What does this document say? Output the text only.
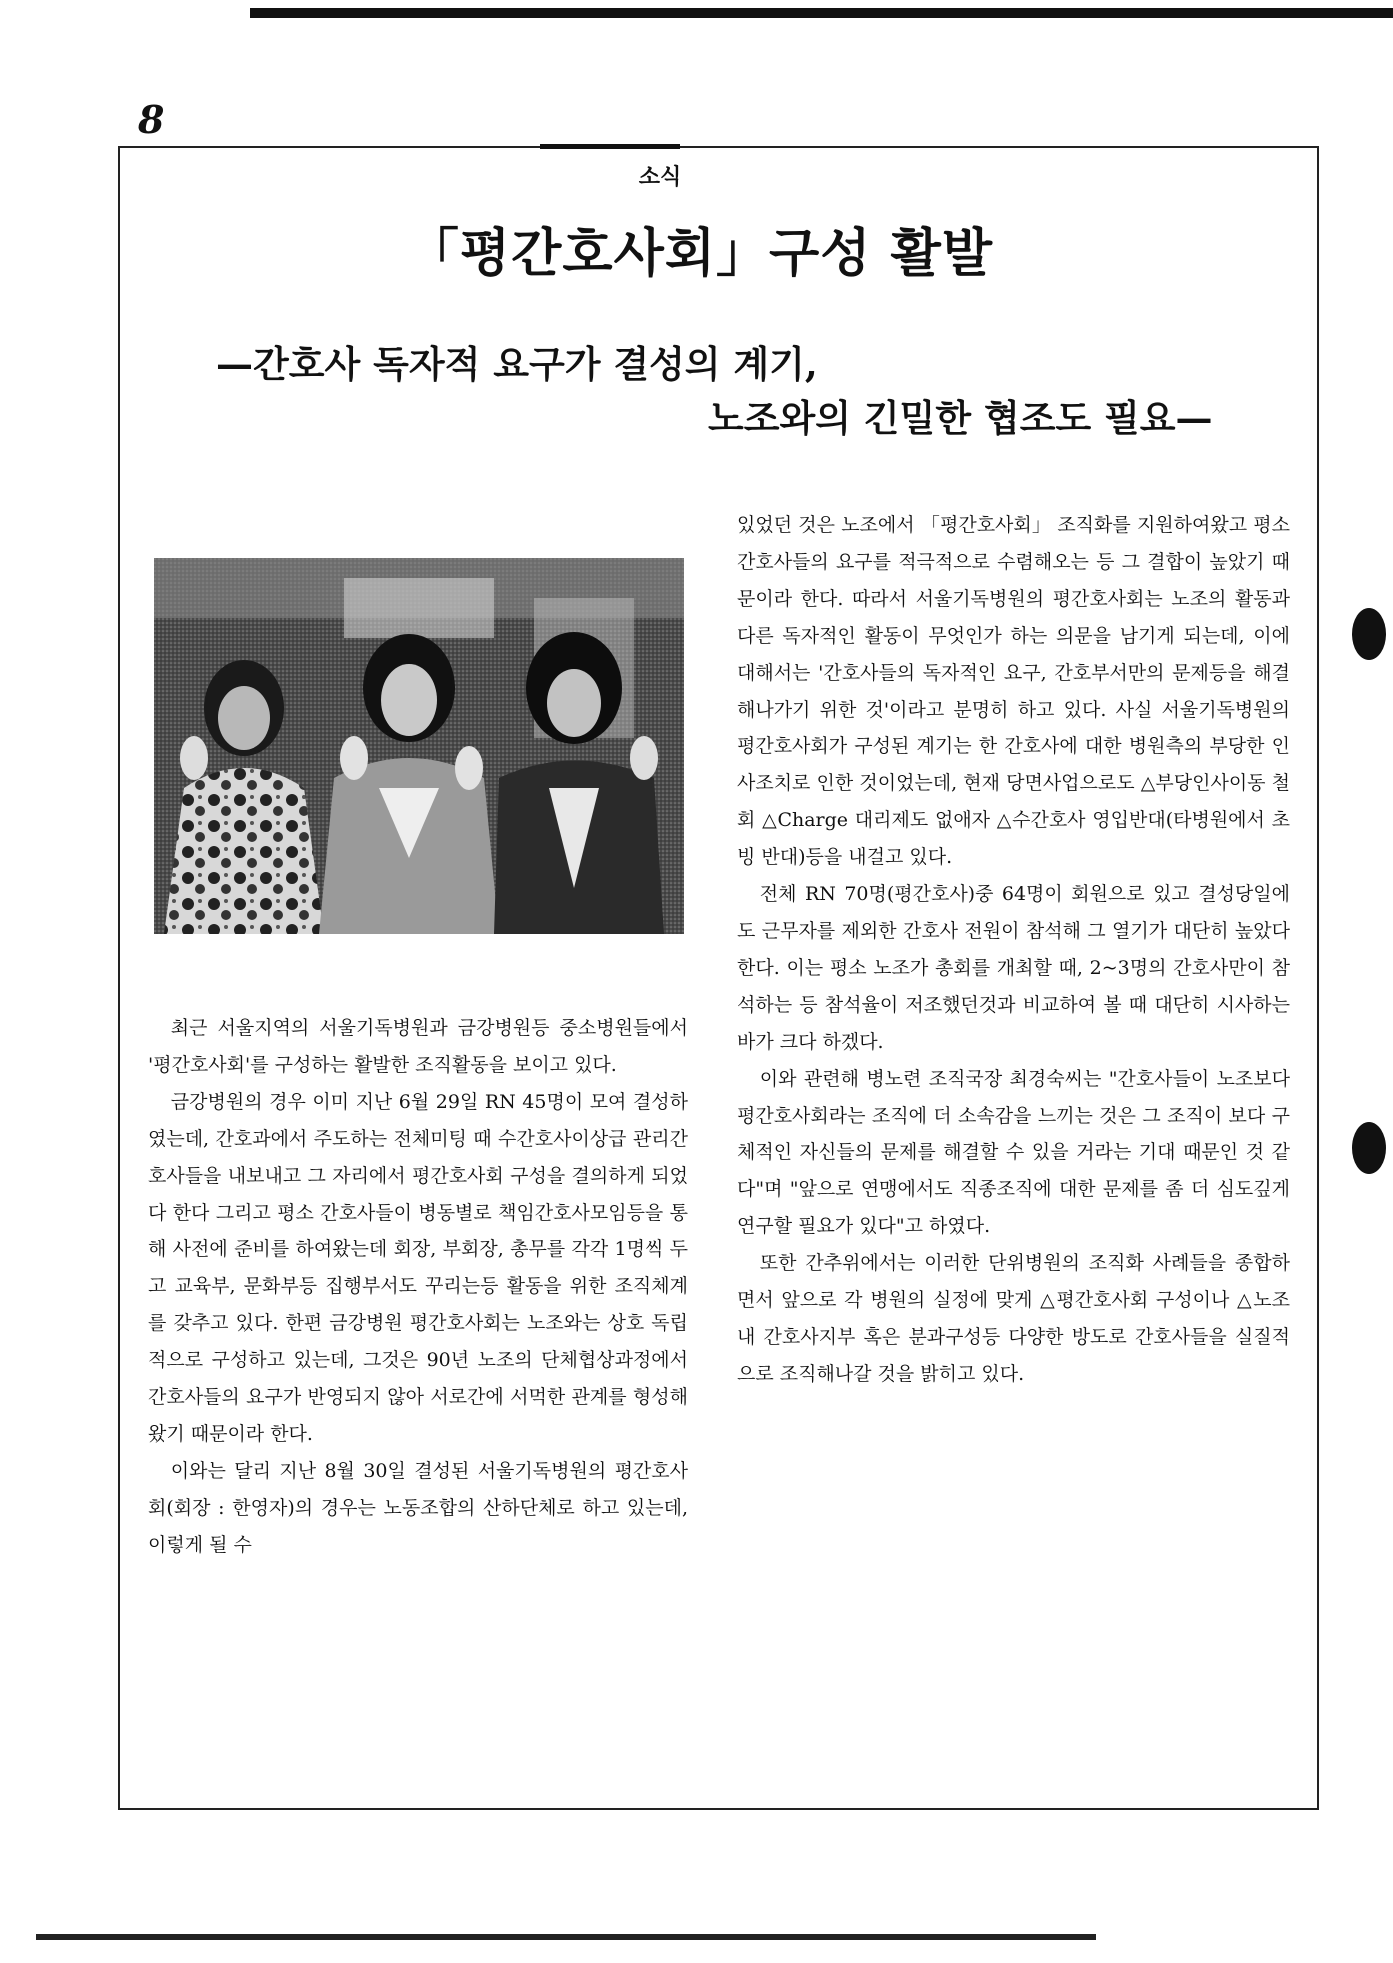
8
소식
「평간호사회」구성 활발
—간호사 독자적 요구가 결성의 계기,
노조와의 긴밀한 협조도 필요—

최근 서울지역의 서울기독병원과 금강병원등 중소병원들에서 '평간호사회'를 구성하는 활발한 조직활동을 보이고 있다.

금강병원의 경우 이미 지난 6월 29일 RN 45명이 모여 결성하였는데, 간호과에서 주도하는 전체미팅 때 수간호사이상급 관리간호사들을 내보내고 그 자리에서 평간호사회 구성을 결의하게 되었다 한다 그리고 평소 간호사들이 병동별로 책임간호사모임등을 통해 사전에 준비를 하여왔는데 회장, 부회장, 총무를 각각 1명씩 두고 교육부, 문화부등 집행부서도 꾸리는등 활동을 위한 조직체계를 갖추고 있다. 한편 금강병원 평간호사회는 노조와는 상호 독립적으로 구성하고 있는데, 그것은 90년 노조의 단체협상과정에서 간호사들의 요구가 반영되지 않아 서로간에 서먹한 관계를 형성해왔기 때문이라 한다.

이와는 달리 지난 8월 30일 결성된 서울기독병원의 평간호사회(회장 : 한영자)의 경우는 노동조합의 산하단체로 하고 있는데, 이렇게 될 수

있었던 것은 노조에서 「평간호사회」 조직화를 지원하여왔고 평소 간호사들의 요구를 적극적으로 수렴해오는 등 그 결합이 높았기 때문이라 한다. 따라서 서울기독병원의 평간호사회는 노조의 활동과 다른 독자적인 활동이 무엇인가 하는 의문을 남기게 되는데, 이에 대해서는 '간호사들의 독자적인 요구, 간호부서만의 문제등을 해결해나가기 위한 것'이라고 분명히 하고 있다. 사실 서울기독병원의 평간호사회가 구성된 계기는 한 간호사에 대한 병원측의 부당한 인사조치로 인한 것이었는데, 현재 당면사업으로도 △부당인사이동 철회 △Charge 대리제도 없애자 △수간호사 영입반대(타병원에서 초빙 반대)등을 내걸고 있다.

전체 RN 70명(평간호사)중 64명이 회원으로 있고 결성당일에도 근무자를 제외한 간호사 전원이 참석해 그 열기가 대단히 높았다 한다. 이는 평소 노조가 총회를 개최할 때, 2~3명의 간호사만이 참석하는 등 참석율이 저조했던것과 비교하여 볼 때 대단히 시사하는 바가 크다 하겠다.

이와 관련해 병노련 조직국장 최경숙씨는 "간호사들이 노조보다 평간호사회라는 조직에 더 소속감을 느끼는 것은 그 조직이 보다 구체적인 자신들의 문제를 해결할 수 있을 거라는 기대 때문인 것 같다"며 "앞으로 연맹에서도 직종조직에 대한 문제를 좀 더 심도깊게 연구할 필요가 있다"고 하였다.

또한 간추위에서는 이러한 단위병원의 조직화 사례들을 종합하면서 앞으로 각 병원의 실정에 맞게 △평간호사회 구성이나 △노조내 간호사지부 혹은 분과구성등 다양한 방도로 간호사들을 실질적으로 조직해나갈 것을 밝히고 있다.
